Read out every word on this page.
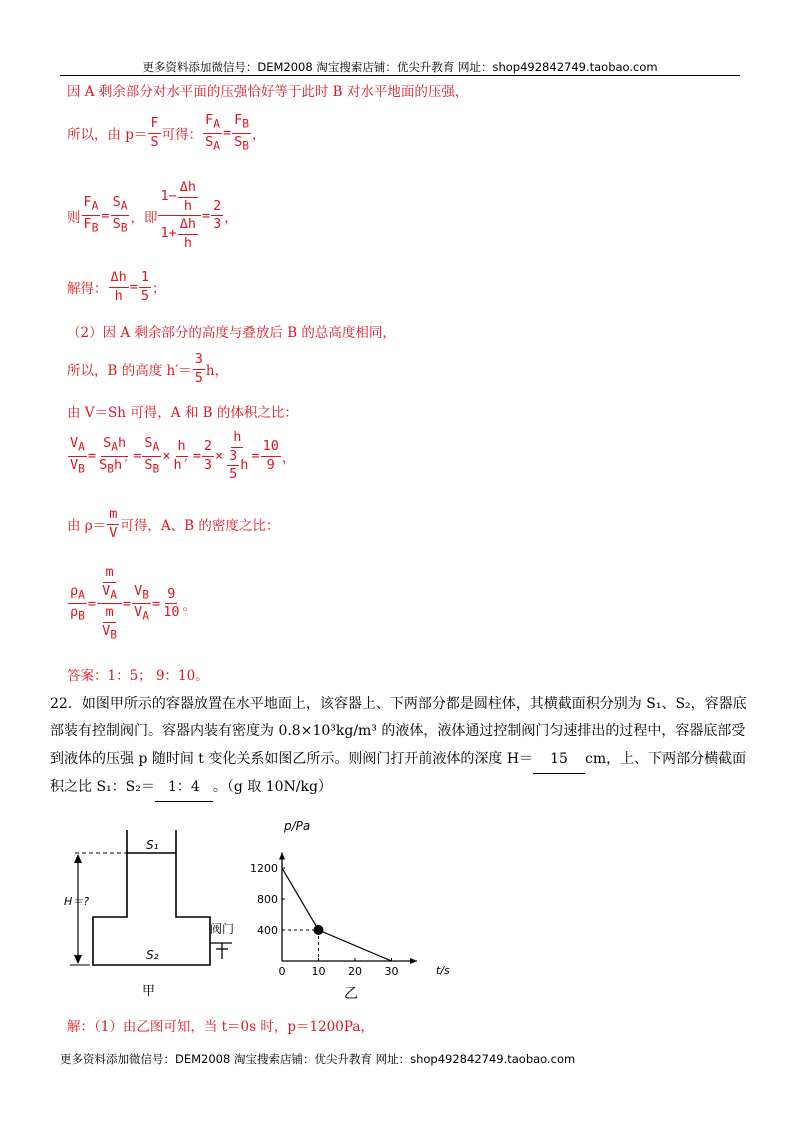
更多资料添加微信号：DEM2008 淘宝搜索店铺：优尖升教育 网址：shop492842749.taobao.com
因 A 剩余部分对水平面的压强恰好等于此时 B 对水平地面的压强，
所以，由 p＝
F
S 可得： $\frac{F_A}{S_A} = \frac{F_B}{S_B}$ ，
则 $\frac{F_A}{F_B} = \frac{S_A}{S_B}$ ，即
1−
Δh
h
1+
Δh
h
= $\frac{2}{3}$ ，
解得： $\frac{\Delta h}{h} = \frac{1}{5}$ ；
（2）因 A 剩余部分的高度与叠放后 B 的总高度相同，
所以，B 的高度 h′＝
3
5 h，
由 V＝Sh 可得，A 和 B 的体积之比：
$\frac{V_A}{V_B}$ =
$S_Ah$
$S_Bh'$
= $\frac{S_A}{S_B} \times \frac{h}{h'} = \frac{2}{3} \times h$
3
5
$h = \frac{10}{9}$ ，
由 ρ＝
m
V 可得，A、B 的密度之比：
$\frac{\rho_A}{\rho_B}$ =
$\frac{m}{V_A}$
$\frac{m}{V_B}$
= $\frac{V_B}{V_A} = \frac{9}{10}$ 。
答案：1：5； 9：10。
22．如图甲所示的容器放置在水平地面上，该容器上、下两部分都是圆柱体，其横截面积分别为 S₁、S₂，容器底
部装有控制阀门。容器内装有密度为 0.8×10³kg/m³ 的液体，液体通过控制阀门匀速排出的过程中，容器底部受
到液体的压强 p 随时间 t 变化关系如图乙所示。则阀门打开前液体的深度 H＝ 15 cm，上、下两部分横截面
积之比 S₁：S₂＝ 1：4 。（g 取 10N/kg）
S₁
S₂
H＝?
阀门
甲
0 10 20 30
400
800
1200
p/Pa
t/s
乙
解：（1）由乙图可知，当 t＝0s 时，p＝1200Pa，
更多资料添加微信号：DEM2008 淘宝搜索店铺：优尖升教育 网址：shop492842749.taobao.com
